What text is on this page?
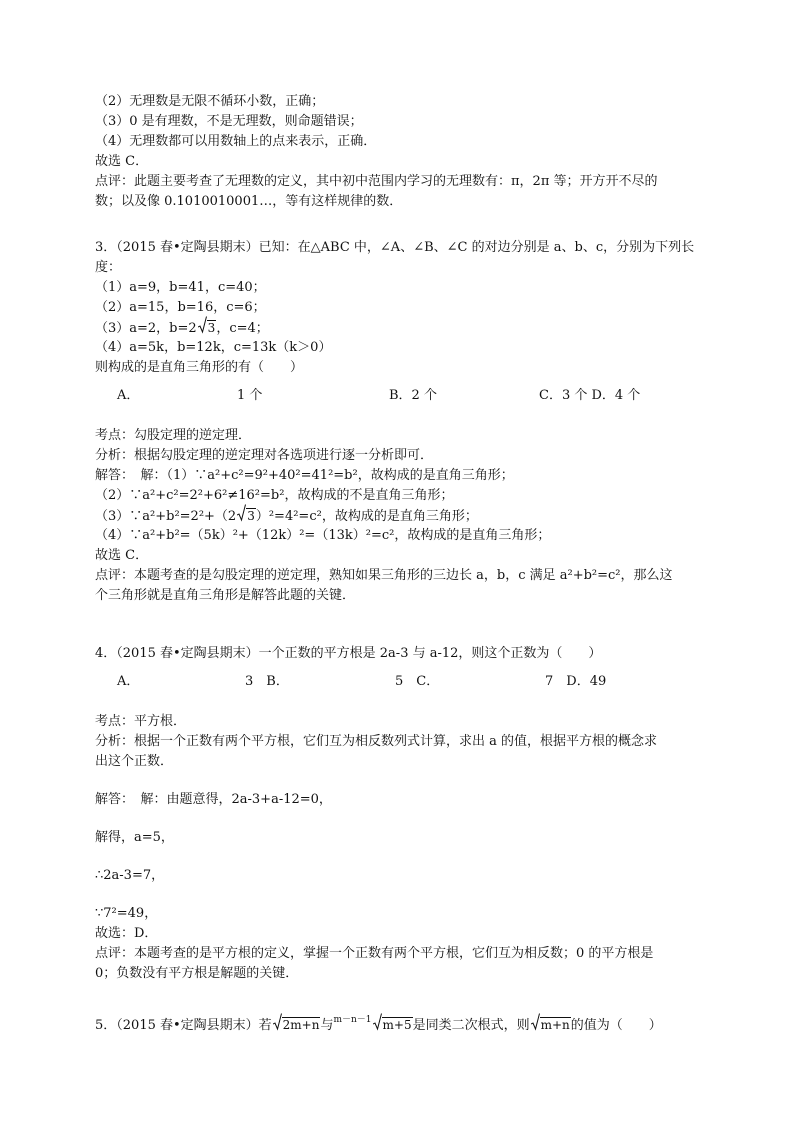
（2）无理数是无限不循环小数，正确；
（3）0 是有理数，不是无理数，则命题错误；
（4）无理数都可以用数轴上的点来表示，正确．
故选 C．
点评：此题主要考查了无理数的定义，其中初中范围内学习的无理数有：π，2π 等；开方开不尽的
数；以及像 0.1010010001…，等有这样规律的数．
3．（2015 春•定陶县期末）已知：在△ABC 中，∠A、∠B、∠C 的对边分别是 a、b、c，分别为下列长
度：
（1）a=9，b=41，c=40；
（2）a=15，b=16，c=6；
（3）a=2，b=2 3，c=4；
（4）a=5k，b=12k，c=13k（k＞0）
则构成的是直角三角形的有（　　）
A．	1 个	B．2 个	C．3 个 D．4 个
考点：勾股定理的逆定理．
分析：根据勾股定理的逆定理对各选项进行逐一分析即可．
解答：　解：（1）∵a²+c²=9²+40²=41²=b²，故构成的是直角三角形；
（2）∵a²+c²=2²+6²≠16²=b²，故构成的不是直角三角形；
（3）∵a²+b²=2²+（2 3）²=4²=c²，故构成的是直角三角形；
（4）∵a²+b²=（5k）²+（12k）²=（13k）²=c²，故构成的是直角三角形；
故选 C．
点评：本题考查的是勾股定理的逆定理，熟知如果三角形的三边长 a，b，c 满足 a²+b²=c²，那么这
个三角形就是直角三角形是解答此题的关键．
4．（2015 春•定陶县期末）一个正数的平方根是 2a-3 与 a-12，则这个正数为（　　）
A．	3　B．	5　C．	7　D．49
考点：平方根．
分析：根据一个正数有两个平方根，它们互为相反数列式计算，求出 a 的值，根据平方根的概念求
出这个正数．
解答：　解：由题意得，2a-3+a-12=0，
解得，a=5，
∴2a-3=7，
∵7²=49，
故选：D．
点评：本题考查的是平方根的定义，掌握一个正数有两个平方根，它们互为相反数；0 的平方根是
0；负数没有平方根是解题的关键．
5．（2015 春•定陶县期末）若 2m+n与$^{m-n-1}$ m+5是同类二次根式，则 m+n的值为（　　）
